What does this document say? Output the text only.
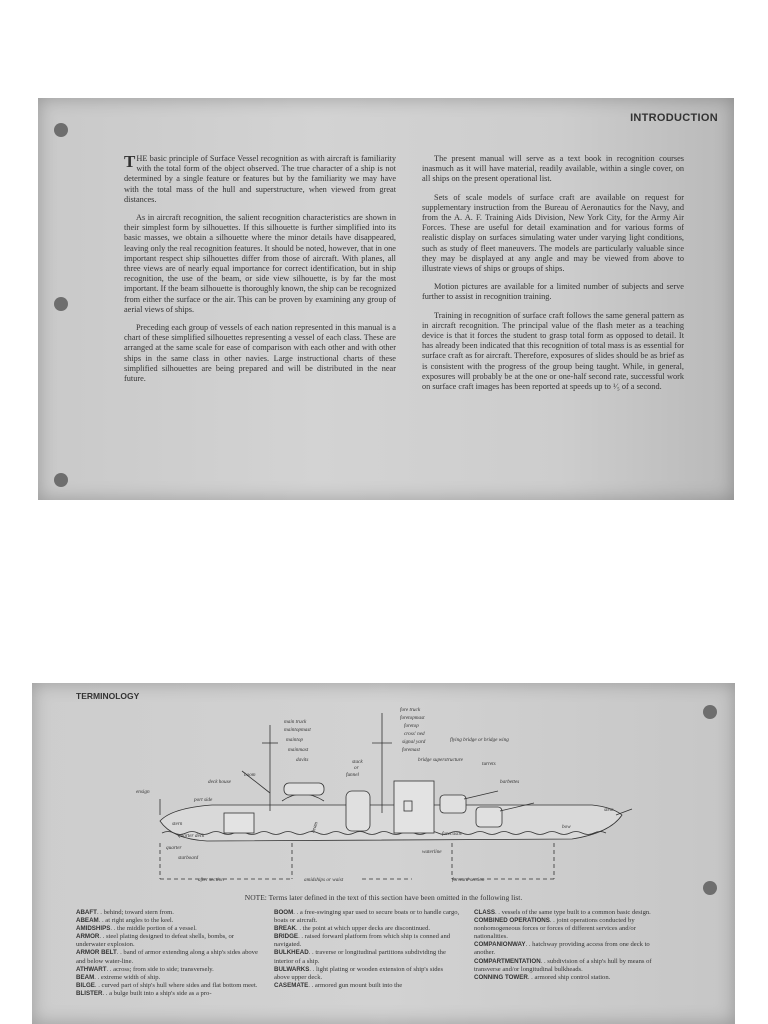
INTRODUCTION

THE basic principle of Surface Vessel recognition as with aircraft is familiarity with the total form of the object observed. The true character of a ship is not determined by a single feature or features but by the familiarity we may have with the total mass of the hull and superstructure, when viewed from great distances.

As in aircraft recognition, the salient recognition characteristics are shown in their simplest form by silhouettes. If this silhouette is further simplified into its basic masses, we obtain a silhouette where the minor details have disappeared, leaving only the real recognition features. It should be noted, however, that in one important respect ship silhouettes differ from those of aircraft. With planes, all three views are of nearly equal importance for correct identification, but in ship recognition, the use of the beam, or side view silhouette, is by far the most important. If the beam silhouette is thoroughly known, the ship can be recognized from either the surface or the air. This can be proven by examining any group of aerial views of ships.

Preceding each group of vessels of each nation represented in this manual is a chart of these simplified silhouettes representing a vessel of each class. These are arranged at the same scale for ease of comparison with each other and with other ships in the same class in other navies. Large instructional charts of these simplified silhouettes are being prepared and will be distributed in the near future.

The present manual will serve as a text book in recognition courses inasmuch as it will have material, readily available, within a single cover, on all ships on the present operational list.

Sets of scale models of surface craft are available on request for supplementary instruction from the Bureau of Aeronautics for the Navy, and from the A. A. F. Training Aids Division, New York City, for the Army Air Forces. These are useful for detail examination and for various forms of realistic display on surfaces simulating water under varying light conditions, such as study of fleet maneuvers. The models are particularly valuable since they may be displayed at any angle and may be viewed from above to illustrate views of ships or groups of ships.

Motion pictures are available for a limited number of subjects and serve further to assist in recognition training.

Training in recognition of surface craft follows the same general pattern as in aircraft recognition. The principal value of the flash meter as a teaching device is that it forces the student to grasp total form as opposed to detail. It has already been indicated that this recognition of total mass is as essential for surface craft as for aircraft. Therefore, exposures of slides should be as brief as is consistent with the progress of the group being taught. While, in general, exposures will probably be at the one or one-half second rate, successful work on surface craft images has been reported at speeds up to ¹⁄₅ of a second.

TERMINOLOGY
fore truck
foretopmast
foretop
cross' ned
signal yard
foremast
flying bridge or bridge wing
bridge superstructure
turrets
barbettes
main truck
maintopmast
maintop
mainmast
davits	stack
or
funnel
boom
deck house
ensign
port side
stern
quarter deck
quarter
starboard
beam
forecastle
bow
stem
waterline
after section	amidships or waist	forward section
NOTE: Terms later defined in the text of this section have been omitted in the following list.
ABAFT. . behind; toward stern from.
ABEAM. . at right angles to the keel.
AMIDSHIPS. . the middle portion of a vessel.
ARMOR. . steel plating designed to defeat shells, bombs, or underwater explosion.
ARMOR BELT. . band of armor extending along a ship's sides above and below water-line.
ATHWART. . across; from side to side; transversely.
BEAM. . extreme width of ship.
BILGE. . curved part of ship's hull where sides and flat bottom meet.
BLISTER. . a bulge built into a ship's side as a pro-
BOOM. . a free-swinging spar used to secure boats or to handle cargo, boats or aircraft.
BREAK. . the point at which upper decks are discontinued.
BRIDGE. . raised forward platform from which ship is conned and navigated.
BULKHEAD. . traverse or longitudinal partitions subdividing the interior of a ship.
BULWARKS. . light plating or wooden extension of ship's sides above upper deck.
CASEMATE. . armored gun mount built into the
CLASS. . vessels of the same type built to a common basic design.
COMBINED OPERATIONS. . joint operations conducted by nonhomogeneous forces or forces of different services and/or nationalities.
COMPANIONWAY. . hatchway providing access from one deck to another.
COMPARTMENTATION. . subdivision of a ship's hull by means of transverse and/or longitudinal bulkheads.
CONNING TOWER. . armored ship control station.
